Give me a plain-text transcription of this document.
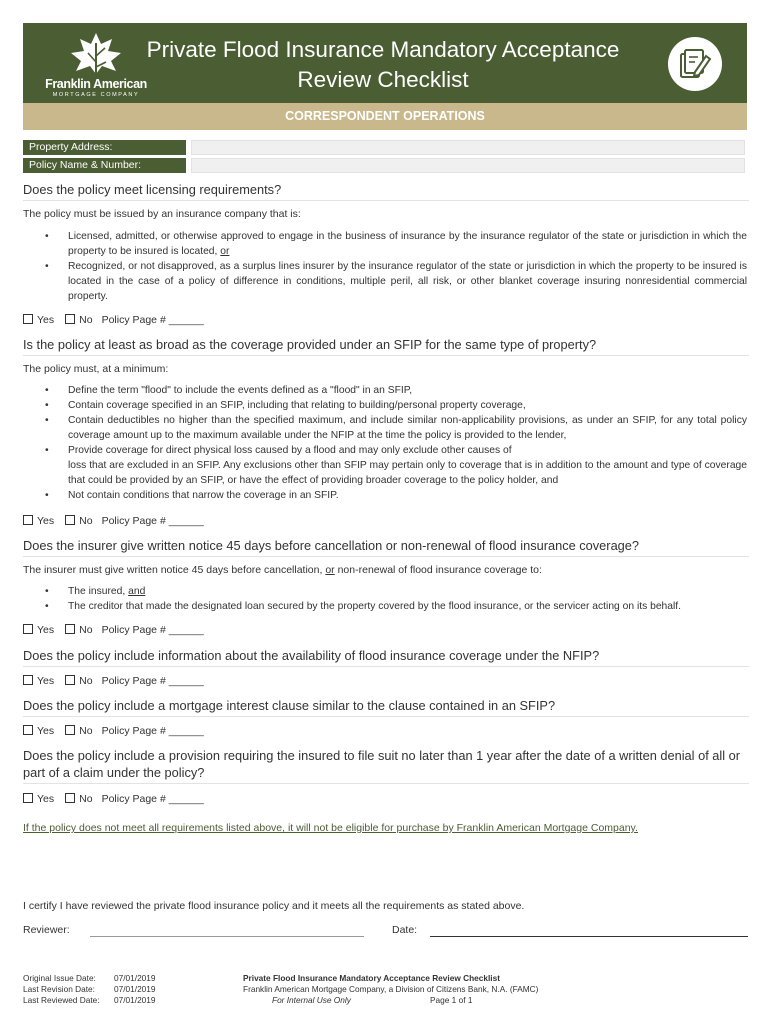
Franklin American
MORTGAGE COMPANY
Private Flood Insurance Mandatory Acceptance
Review Checklist
CORRESPONDENT OPERATIONS
Property Address:
Policy Name & Number:
Does the policy meet licensing requirements?

The policy must be issued by an insurance company that is:

• Licensed, admitted, or otherwise approved to engage in the business of insurance by the insurance regulator of the state or jurisdiction in which the property to be insured is located, or
• Recognized, or not disapproved, as a surplus lines insurer by the insurance regulator of the state or jurisdiction in which the property to be insured is located in the case of a policy of difference in conditions, multiple peril, all risk, or other blanket coverage insuring nonresidential commercial property.
Yes No Policy Page # ______
Is the policy at least as broad as the coverage provided under an SFIP for the same type of property?

The policy must, at a minimum:

• Define the term "flood" to include the events defined as a "flood" in an SFIP,
• Contain coverage specified in an SFIP, including that relating to building/personal property coverage,
• Contain deductibles no higher than the specified maximum, and include similar non-applicability provisions, as under an SFIP, for any total policy coverage amount up to the maximum available under the NFIP at the time the policy is provided to the lender,
• Provide coverage for direct physical loss caused by a flood and may only exclude other causes of
loss that are excluded in an SFIP. Any exclusions other than SFIP may pertain only to coverage that is in addition to the amount and type of coverage that could be provided by an SFIP, or have the effect of providing broader coverage to the policy holder, and
• Not contain conditions that narrow the coverage in an SFIP.
Yes No Policy Page # ______
Does the insurer give written notice 45 days before cancellation or non-renewal of flood insurance coverage?

The insurer must give written notice 45 days before cancellation, or non-renewal of flood insurance coverage to:

• The insured, and
• The creditor that made the designated loan secured by the property covered by the flood insurance, or the servicer acting on its behalf.
Yes No Policy Page # ______
Does the policy include information about the availability of flood insurance coverage under the NFIP?
Yes No Policy Page # ______
Does the policy include a mortgage interest clause similar to the clause contained in an SFIP?
Yes No Policy Page # ______
Does the policy include a provision requiring the insured to file suit no later than 1 year after the date of a written denial of all or part of a claim under the policy?
Yes No Policy Page # ______
If the policy does not meet all requirements listed above, it will not be eligible for purchase by Franklin American Mortgage Company.
I certify I have reviewed the private flood insurance policy and it meets all the requirements as stated above.
Reviewer:	Date:
Original Issue Date: 07/01/2019
Last Revision Date: 07/01/2019
Last Reviewed Date: 07/01/2019
Private Flood Insurance Mandatory Acceptance Review Checklist
Franklin American Mortgage Company, a Division of Citizens Bank, N.A. (FAMC)
For Internal Use Only	Page 1 of 1
